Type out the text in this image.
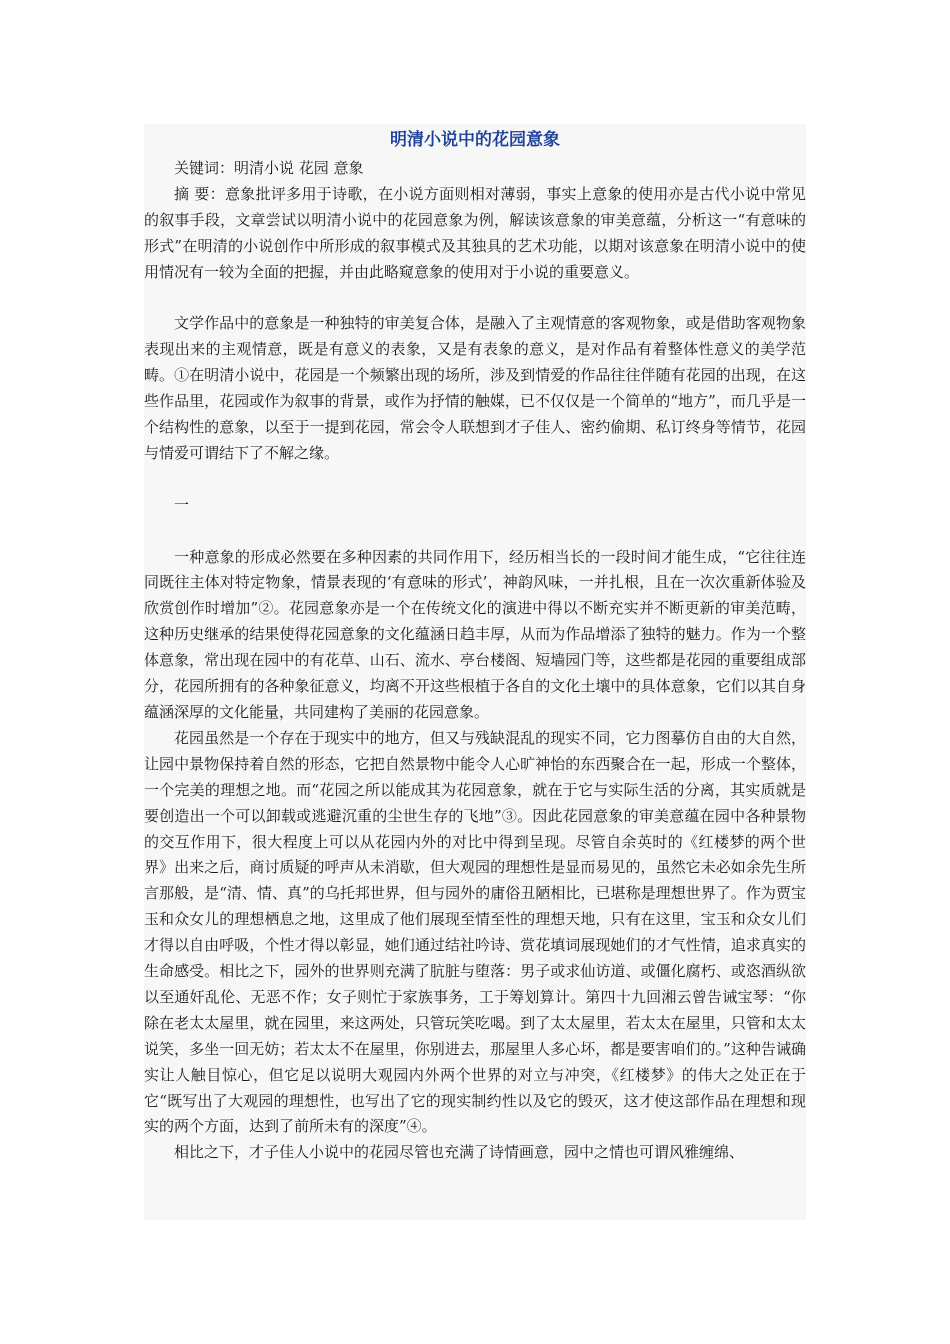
明清小说中的花园意象

关键词：明清小说 花园 意象

摘 要：意象批评多用于诗歌，在小说方面则相对薄弱，事实上意象的使用亦是古代小说中常见的叙事手段，文章尝试以明清小说中的花园意象为例，解读该意象的审美意蕴，分析这一“有意味的形式”在明清的小说创作中所形成的叙事模式及其独具的艺术功能，以期对该意象在明清小说中的使用情况有一较为全面的把握，并由此略窥意象的使用对于小说的重要意义。

文学作品中的意象是一种独特的审美复合体，是融入了主观情意的客观物象，或是借助客观物象表现出来的主观情意，既是有意义的表象，又是有表象的意义，是对作品有着整体性意义的美学范畴。①在明清小说中，花园是一个频繁出现的场所，涉及到情爱的作品往往伴随有花园的出现，在这些作品里，花园或作为叙事的背景，或作为抒情的触媒，已不仅仅是一个简单的“地方”，而几乎是一个结构性的意象，以至于一提到花园，常会令人联想到才子佳人、密约偷期、私订终身等情节，花园与情爱可谓结下了不解之缘。

一

一种意象的形成必然要在多种因素的共同作用下，经历相当长的一段时间才能生成，“它往往连同既往主体对特定物象，情景表现的‘有意味的形式’，神韵风味，一并扎根，且在一次次重新体验及欣赏创作时增加”②。花园意象亦是一个在传统文化的演进中得以不断充实并不断更新的审美范畴，这种历史继承的结果使得花园意象的文化蕴涵日趋丰厚，从而为作品增添了独特的魅力。作为一个整体意象，常出现在园中的有花草、山石、流水、亭台楼阁、短墙园门等，这些都是花园的重要组成部分，花园所拥有的各种象征意义，均离不开这些根植于各自的文化土壤中的具体意象，它们以其自身蕴涵深厚的文化能量，共同建构了美丽的花园意象。

花园虽然是一个存在于现实中的地方，但又与残缺混乱的现实不同，它力图摹仿自由的大自然，让园中景物保持着自然的形态，它把自然景物中能令人心旷神怡的东西聚合在一起，形成一个整体，一个完美的理想之地。而“花园之所以能成其为花园意象，就在于它与实际生活的分离，其实质就是要创造出一个可以卸载或逃避沉重的尘世生存的飞地”③。因此花园意象的审美意蕴在园中各种景物的交互作用下，很大程度上可以从花园内外的对比中得到呈现。尽管自余英时的《红楼梦的两个世界》出来之后，商讨质疑的呼声从未消歇，但大观园的理想性是显而易见的，虽然它未必如余先生所言那般，是“清、情、真”的乌托邦世界，但与园外的庸俗丑陋相比，已堪称是理想世界了。作为贾宝玉和众女儿的理想栖息之地，这里成了他们展现至情至性的理想天地，只有在这里，宝玉和众女儿们才得以自由呼吸，个性才得以彰显，她们通过结社吟诗、赏花填词展现她们的才气性情，追求真实的生命感受。相比之下，园外的世界则充满了肮脏与堕落：男子或求仙访道、或僵化腐朽、或恣酒纵欲以至通奸乱伦、无恶不作；女子则忙于家族事务，工于筹划算计。第四十九回湘云曾告诫宝琴：“你除在老太太屋里，就在园里，来这两处，只管玩笑吃喝。到了太太屋里，若太太在屋里，只管和太太说笑，多坐一回无妨；若太太不在屋里，你别进去，那屋里人多心坏，都是要害咱们的。”这种告诫确实让人触目惊心，但它足以说明大观园内外两个世界的对立与冲突，《红楼梦》的伟大之处正在于它“既写出了大观园的理想性，也写出了它的现实制约性以及它的毁灭，这才使这部作品在理想和现实的两个方面，达到了前所未有的深度”④。

相比之下，才子佳人小说中的花园尽管也充满了诗情画意，园中之情也可谓风雅缠绵、
